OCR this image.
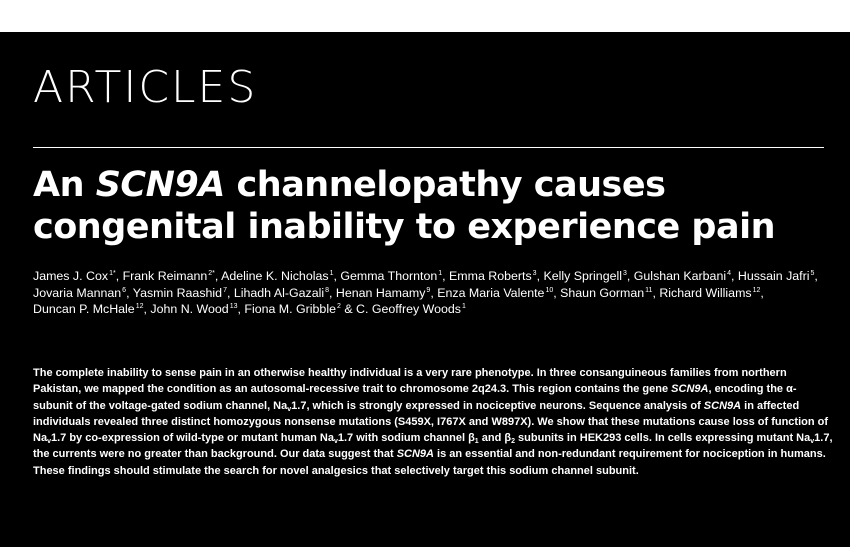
ARTICLES
An SCN9A channelopathy causes
congenital inability to experience pain
James J. Cox$^{1*}$, Frank Reimann$^{2*}$, Adeline K. Nicholas$^1$, Gemma Thornton$^1$, Emma Roberts$^3$, Kelly Springell$^3$, Gulshan Karbani$^4$, Hussain Jafri$^5$, Jovaria Mannan$^6$, Yasmin Raashid$^7$, Lihadh Al-Gazali$^8$, Henan Hamamy$^9$, Enza Maria Valente$^{10}$, Shaun Gorman$^{11}$, Richard Williams$^{12}$, Duncan P. McHale$^{12}$, John N. Wood$^{13}$, Fiona M. Gribble$^2$ & C. Geoffrey Woods$^1$
The complete inability to sense pain in an otherwise healthy individual is a very rare phenotype. In three consanguineous families from northern Pakistan, we mapped the condition as an autosomal-recessive trait to chromosome 2q24.3. This region contains the gene SCN9A, encoding the α-subunit of the voltage-gated sodium channel, $Na_v1.7$, which is strongly expressed in nociceptive neurons. Sequence analysis of SCN9A in affected individuals revealed three distinct homozygous nonsense mutations (S459X, I767X and W897X). We show that these mutations cause loss of function of $Na_v1.7$ by co-expression of wild-type or mutant human $Na_v1.7$ with sodium channel $\beta_1$ and $\beta_2$ subunits in HEK293 cells. In cells expressing mutant $Na_v1.7$, the currents were no greater than background. Our data suggest that SCN9A is an essential and non-redundant requirement for nociception in humans. These findings should stimulate the search for novel analgesics that selectively target this sodium channel subunit.
